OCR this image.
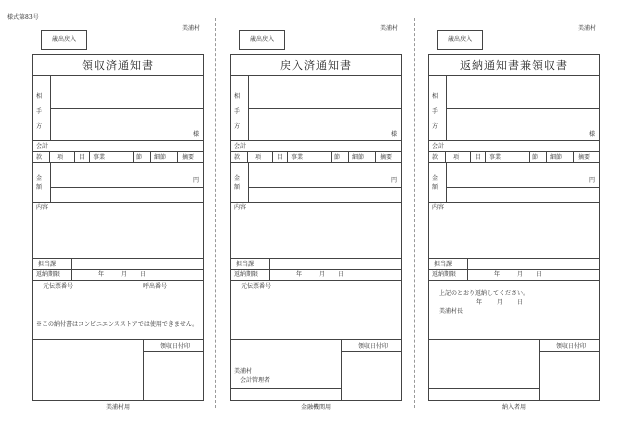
様式第83号
美浦村
歳出戻入
領収済通知書
相
手
方
様
会計
款 項	目 事業	節 細節	摘要
金
額
円
内容
担当課
返納期限	年	月 日
元伝票番号	呼出番号
※この納付書はコンビニエンスストアでは使用できません。
領収日付印
美浦村用
美浦村
歳出戻入
戻入済通知書
相
手
方
様
会計
款 項	目 事業	節 細節	摘要
金
額
円
内容
担当課
返納期限	年	月 日
元伝票番号
領収日付印
美浦村
会計管理者
金融機関用
美浦村
歳出戻入
返納通知書兼領収書
相
手
方
様
会計
款 項	目 事業	節 細節	摘要
金
額
円
内容
担当課
返納期限	年	月 日
上記のとおり返納してください。
年 月 日
美浦村長
領収日付印
納入者用
